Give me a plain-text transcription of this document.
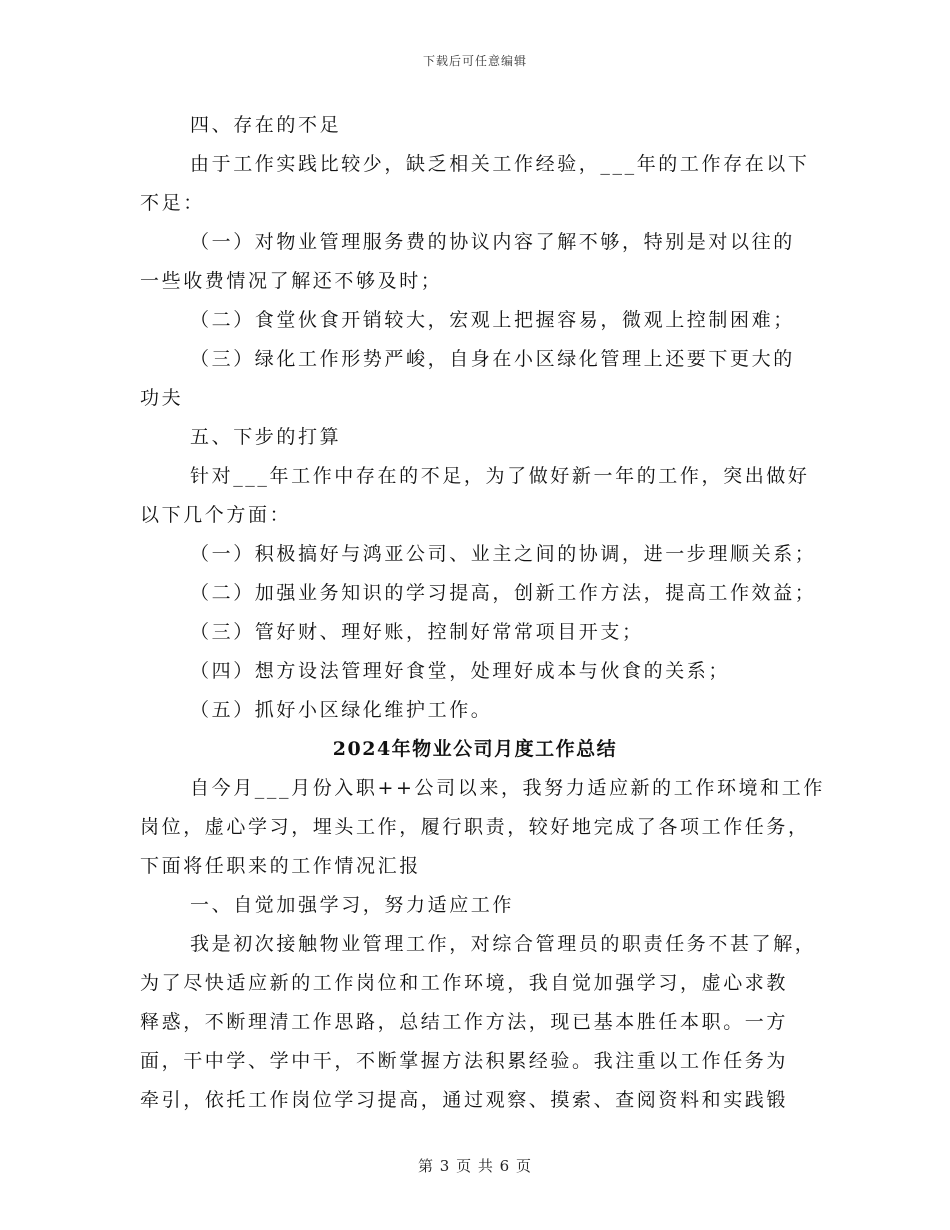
下载后可任意编辑
四、存在的不足
由于工作实践比较少，缺乏相关工作经验，___年的工作存在以下
不足：
（一）对物业管理服务费的协议内容了解不够，特别是对以往的
一些收费情况了解还不够及时；
（二）食堂伙食开销较大，宏观上把握容易，微观上控制困难；
（三）绿化工作形势严峻，自身在小区绿化管理上还要下更大的
功夫
五、下步的打算
针对___年工作中存在的不足，为了做好新一年的工作，突出做好
以下几个方面：
（一）积极搞好与鸿亚公司、业主之间的协调，进一步理顺关系；
（二）加强业务知识的学习提高，创新工作方法，提高工作效益；
（三）管好财、理好账，控制好常常项目开支；
（四）想方设法管理好食堂，处理好成本与伙食的关系；
（五）抓好小区绿化维护工作。
2024年物业公司月度工作总结
自今月___月份入职++公司以来，我努力适应新的工作环境和工作
岗位，虚心学习，埋头工作，履行职责，较好地完成了各项工作任务，
下面将任职来的工作情况汇报
一、自觉加强学习，努力适应工作
我是初次接触物业管理工作，对综合管理员的职责任务不甚了解，
为了尽快适应新的工作岗位和工作环境，我自觉加强学习，虚心求教
释惑，不断理清工作思路，总结工作方法，现已基本胜任本职。一方
面，干中学、学中干，不断掌握方法积累经验。我注重以工作任务为
牵引，依托工作岗位学习提高，通过观察、摸索、查阅资料和实践锻
第 3 页 共 6 页
